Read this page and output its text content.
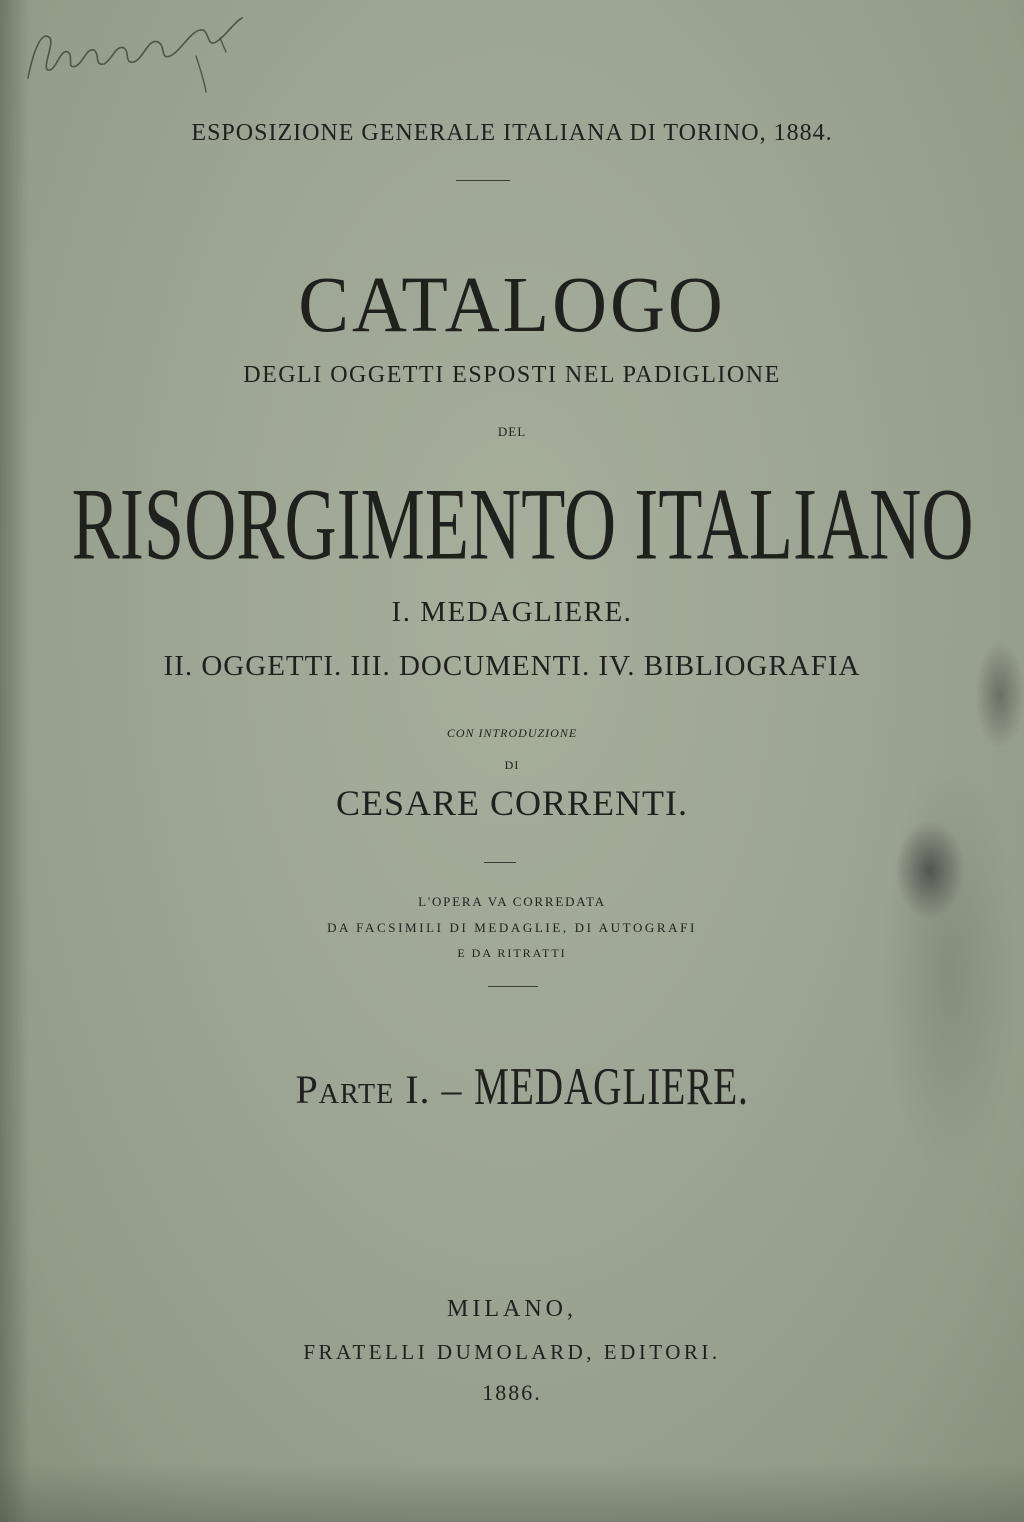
ESPOSIZIONE GENERALE ITALIANA DI TORINO, 1884.
CATALOGO
DEGLI OGGETTI ESPOSTI NEL PADIGLIONE
DEL
RISORGIMENTO ITALIANO
I. MEDAGLIERE.
II. OGGETTI. III. DOCUMENTI. IV. BIBLIOGRAFIA
CON INTRODUZIONE
DI
CESARE CORRENTI.
L'OPERA VA CORREDATA
DA FACSIMILI DI MEDAGLIE, DI AUTOGRAFI
E DA RITRATTI
Parte I. – MEDAGLIERE.
MILANO,
FRATELLI DUMOLARD, EDITORI.
1886.
